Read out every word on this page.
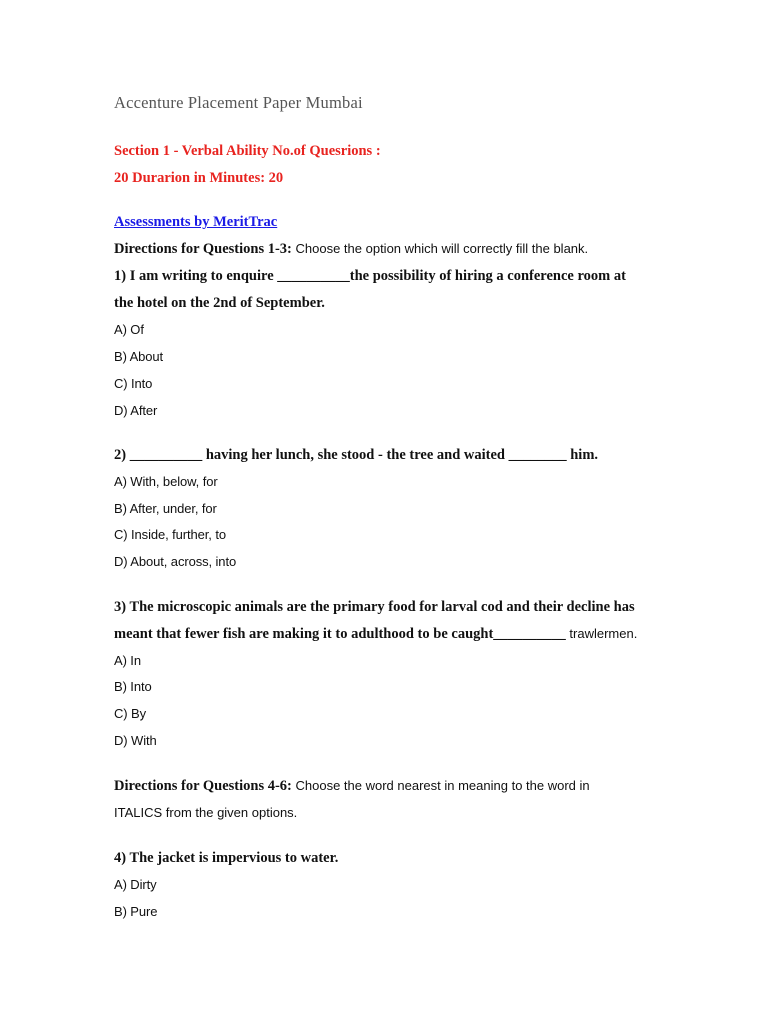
Accenture Placement Paper Mumbai
Section 1 - Verbal Ability No.of Quesrions :
20 Durarion in Minutes: 20
Assessments by MeritTrac
Directions for Questions 1-3: Choose the option which will correctly fill the blank.
1) I am writing to enquire __________the possibility of hiring a conference room at
the hotel on the 2nd of September.
A) Of
B) About
C) Into
D) After
2) __________ having her lunch, she stood - the tree and waited ________ him.
A) With, below, for
B) After, under, for
C) Inside, further, to
D) About, across, into
3) The microscopic animals are the primary food for larval cod and their decline has
meant that fewer fish are making it to adulthood to be caught__________ trawlermen.
A) In
B) Into
C) By
D) With
Directions for Questions 4-6: Choose the word nearest in meaning to the word in
ITALICS from the given options.
4) The jacket is impervious to water.
A) Dirty
B) Pure
